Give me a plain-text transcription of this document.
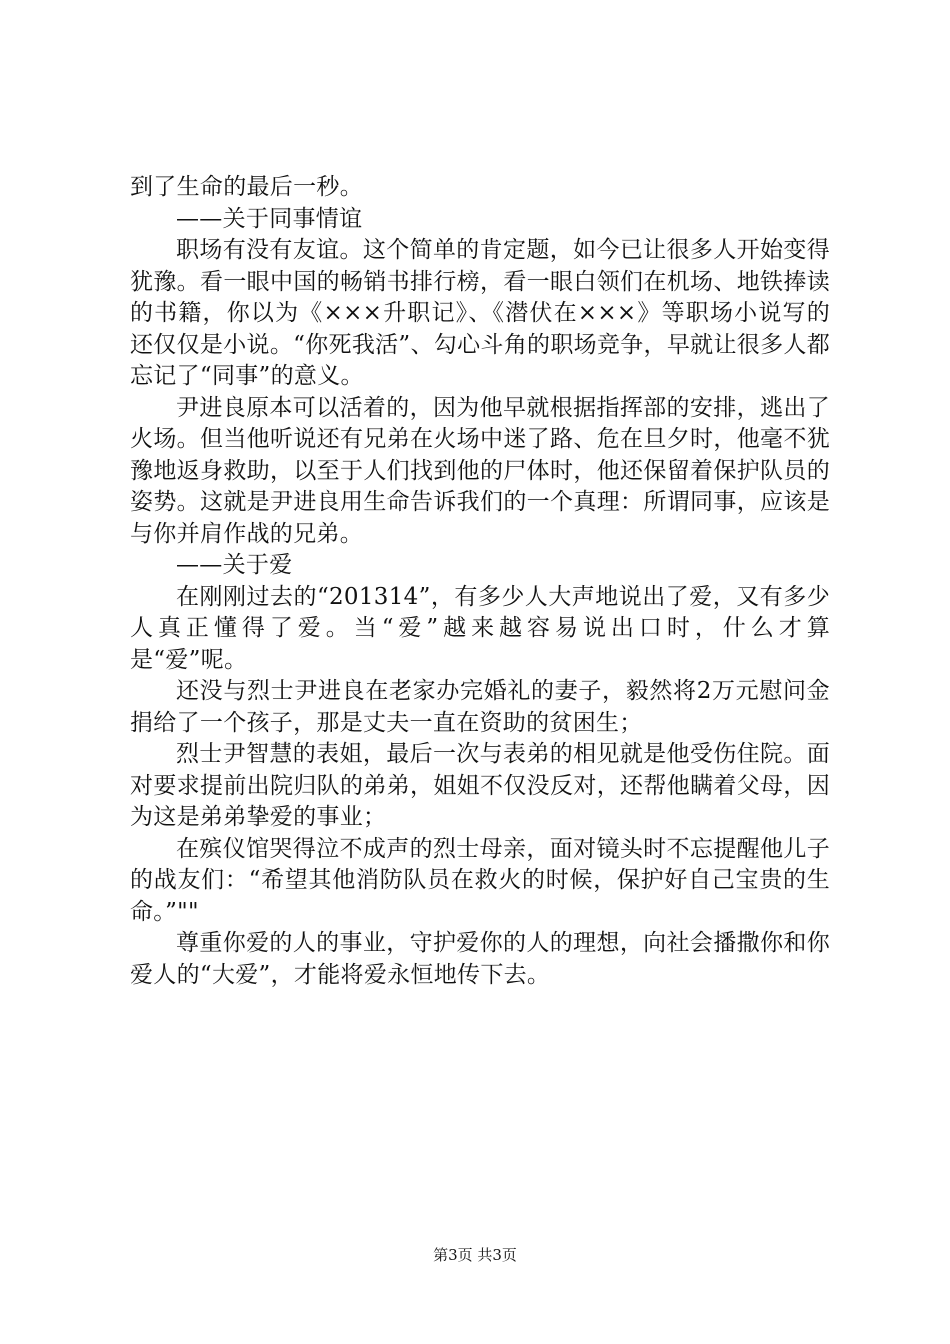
到了生命的最后一秒。

——关于同事情谊

职场有没有友谊。这个简单的肯定题，如今已让很多人开始变得犹豫。看一眼中国的畅销书排行榜，看一眼白领们在机场、地铁捧读的书籍，你以为《×××升职记》、《潜伏在×××》等职场小说写的还仅仅是小说。“你死我活”、勾心斗角的职场竞争，早就让很多人都忘记了“同事”的意义。

尹进良原本可以活着的，因为他早就根据指挥部的安排，逃出了火场。但当他听说还有兄弟在火场中迷了路、危在旦夕时，他毫不犹豫地返身救助，以至于人们找到他的尸体时，他还保留着保护队员的姿势。这就是尹进良用生命告诉我们的一个真理：所谓同事，应该是与你并肩作战的兄弟。

——关于爱

在刚刚过去的“201314”，有多少人大声地说出了爱，又有多少人真正懂得了爱。当“爱”越来越容易说出口时，什么才算是“爱”呢。

还没与烈士尹进良在老家办完婚礼的妻子，毅然将2万元慰问金捐给了一个孩子，那是丈夫一直在资助的贫困生；

烈士尹智慧的表姐，最后一次与表弟的相见就是他受伤住院。面对要求提前出院归队的弟弟，姐姐不仅没反对，还帮他瞒着父母，因为这是弟弟挚爱的事业；

在殡仪馆哭得泣不成声的烈士母亲，面对镜头时不忘提醒他儿子的战友们：“希望其他消防队员在救火的时候，保护好自己宝贵的生命。”""

尊重你爱的人的事业，守护爱你的人的理想，向社会播撒你和你爱人的“大爱”，才能将爱永恒地传下去。

第3页 共3页
